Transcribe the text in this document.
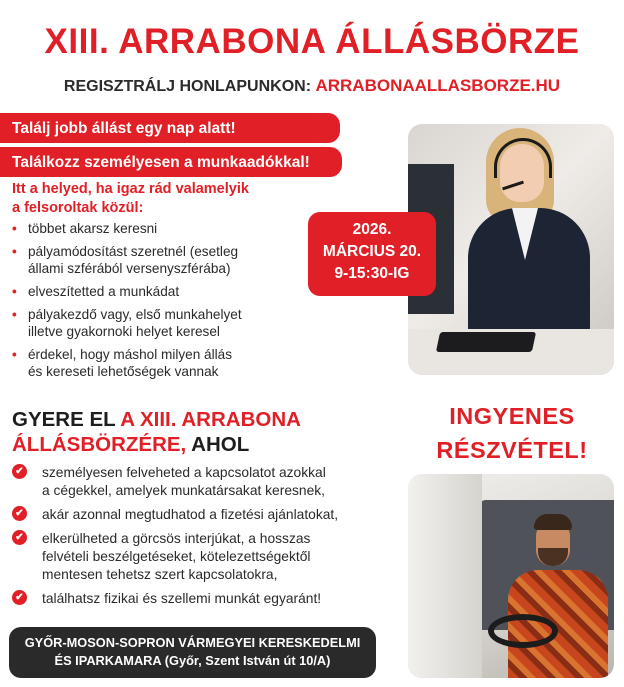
XIII. ARRABONA ÁLLÁSBÖRZE
REGISZTRÁLJ HONLAPUNKON: ARRABONAALLASBORZE.HU
Találj jobb állást egy nap alatt!
Találkozz személyesen a munkaadókkal!
Itt a helyed, ha igaz rád valamelyik
a felsoroltak közül:
• többet akarsz keresni
• pályamódosítást szeretnél (esetleg
állami szférából versenyszférába)
• elveszítetted a munkádat
• pályakezdő vagy, első munkahelyet
illetve gyakornoki helyet keresel
• érdekel, hogy máshol milyen állás
és kereseti lehetőségek vannak
GYERE EL A XIII. ARRABONA
ÁLLÁSBÖRZÉRE, AHOL
✔ személyesen felveheted a kapcsolatot azokkal
a cégekkel, amelyek munkatársakat keresnek,
✔ akár azonnal megtudhatod a fizetési ajánlatokat,
✔ elkerülheted a görcsös interjúkat, a hosszas
felvételi beszélgetéseket, kötelezettségektől
mentesen tehetsz szert kapcsolatokra,
✔ találhatsz fizikai és szellemi munkát egyaránt!
GYŐR-MOSON-SOPRON VÁRMEGYEI KERESKEDELMI
ÉS IPARKAMARA (Győr, Szent István út 10/A)
2026.
MÁRCIUS 20.
9-15:30-IG
INGYENES
RÉSZVÉTEL!
